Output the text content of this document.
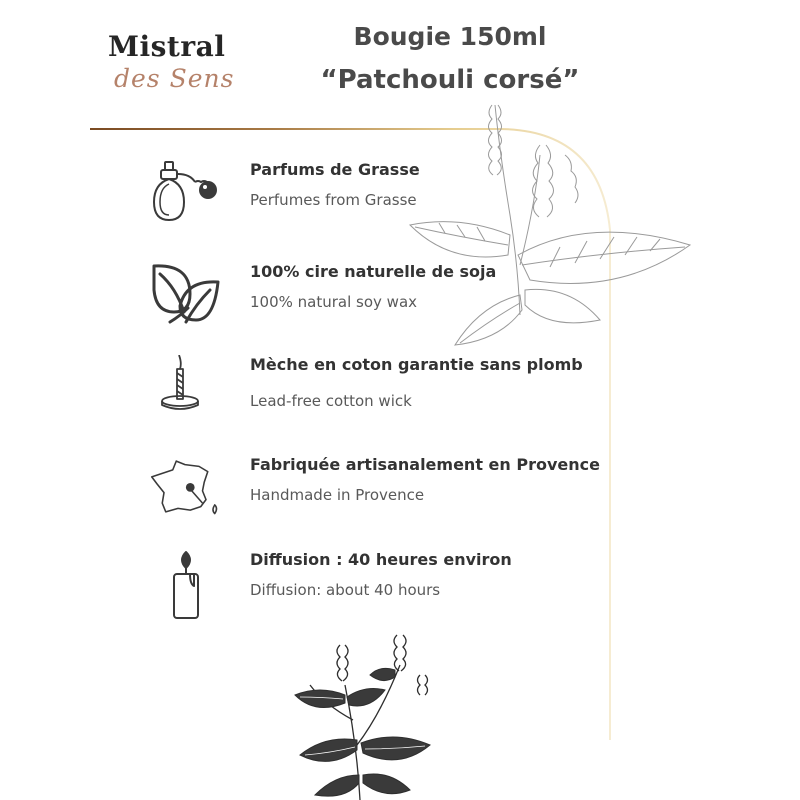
Mistral
des Sens
Bougie 150ml
“Patchouli corsé”
Parfums de Grasse
Perfumes from Grasse
100% cire naturelle de soja
100% natural soy wax
Mèche en coton garantie sans plomb
Lead-free cotton wick
Fabriquée artisanalement en Provence
Handmade in Provence
Diffusion : 40 heures environ
Diffusion: about 40 hours
